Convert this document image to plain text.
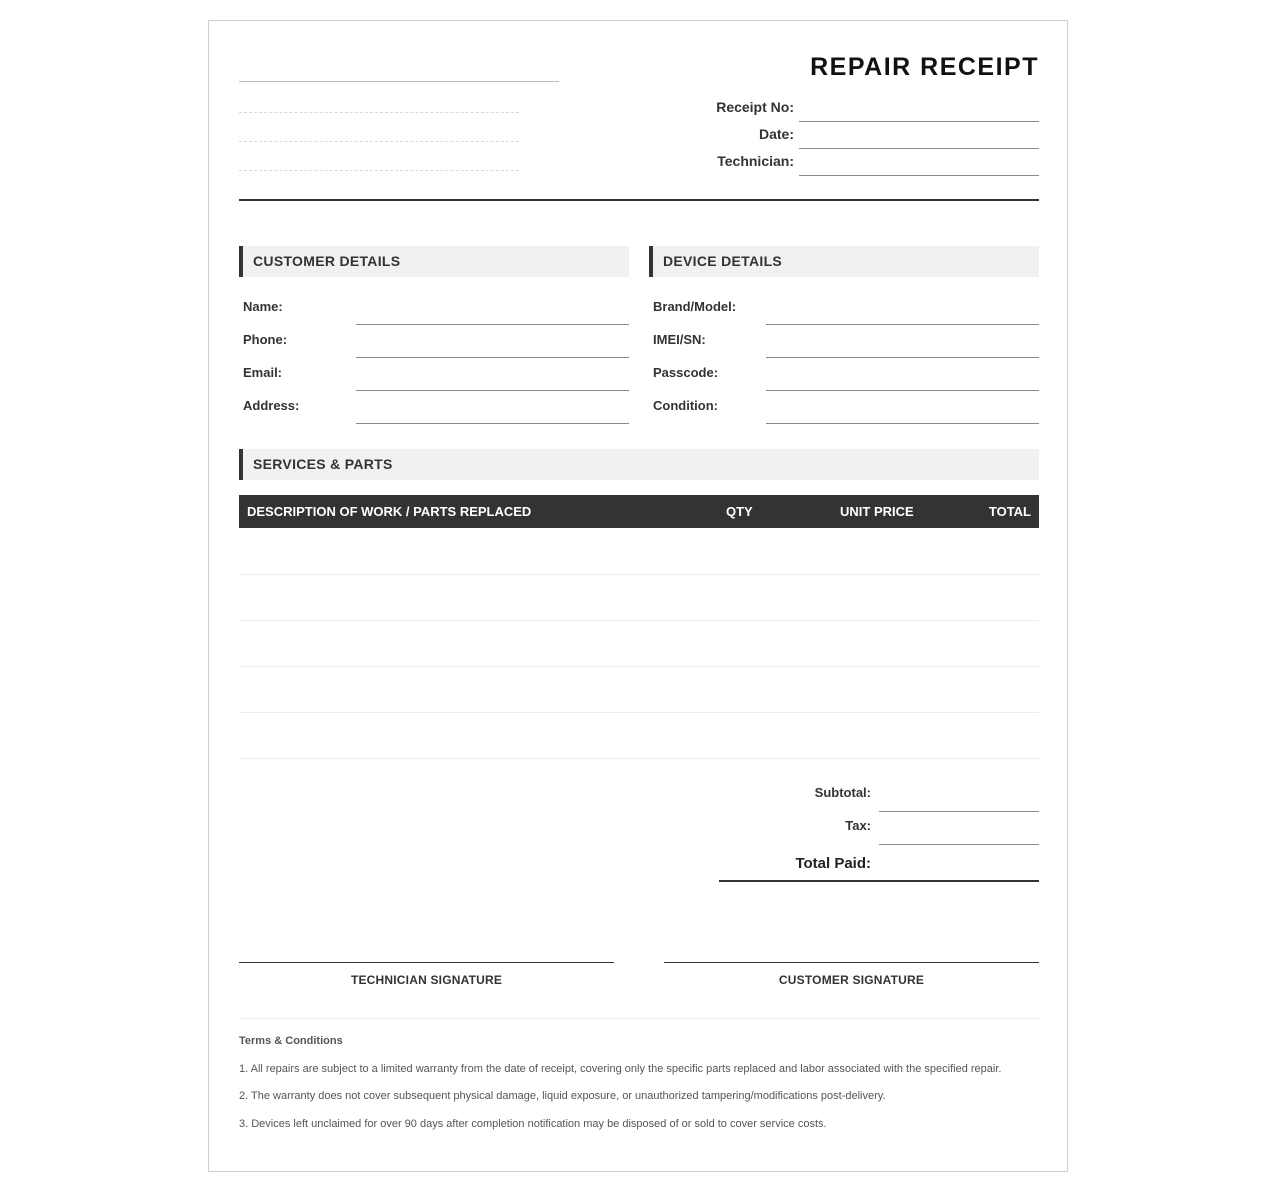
REPAIR RECEIPT
Receipt No:
Date:
Technician:
CUSTOMER DETAILS
Name:
Phone:
Email:
Address:
DEVICE DETAILS
Brand/Model:
IMEI/SN:
Passcode:
Condition:
SERVICES & PARTS
DESCRIPTION OF WORK / PARTS REPLACED	QTY	UNIT PRICE	TOTAL
Subtotal:
Tax:
Total Paid:
TECHNICIAN SIGNATURE	CUSTOMER SIGNATURE
Terms & Conditions
1. All repairs are subject to a limited warranty from the date of receipt, covering only the specific parts replaced and labor associated with the specified repair.
2. The warranty does not cover subsequent physical damage, liquid exposure, or unauthorized tampering/modifications post-delivery.
3. Devices left unclaimed for over 90 days after completion notification may be disposed of or sold to cover service costs.
